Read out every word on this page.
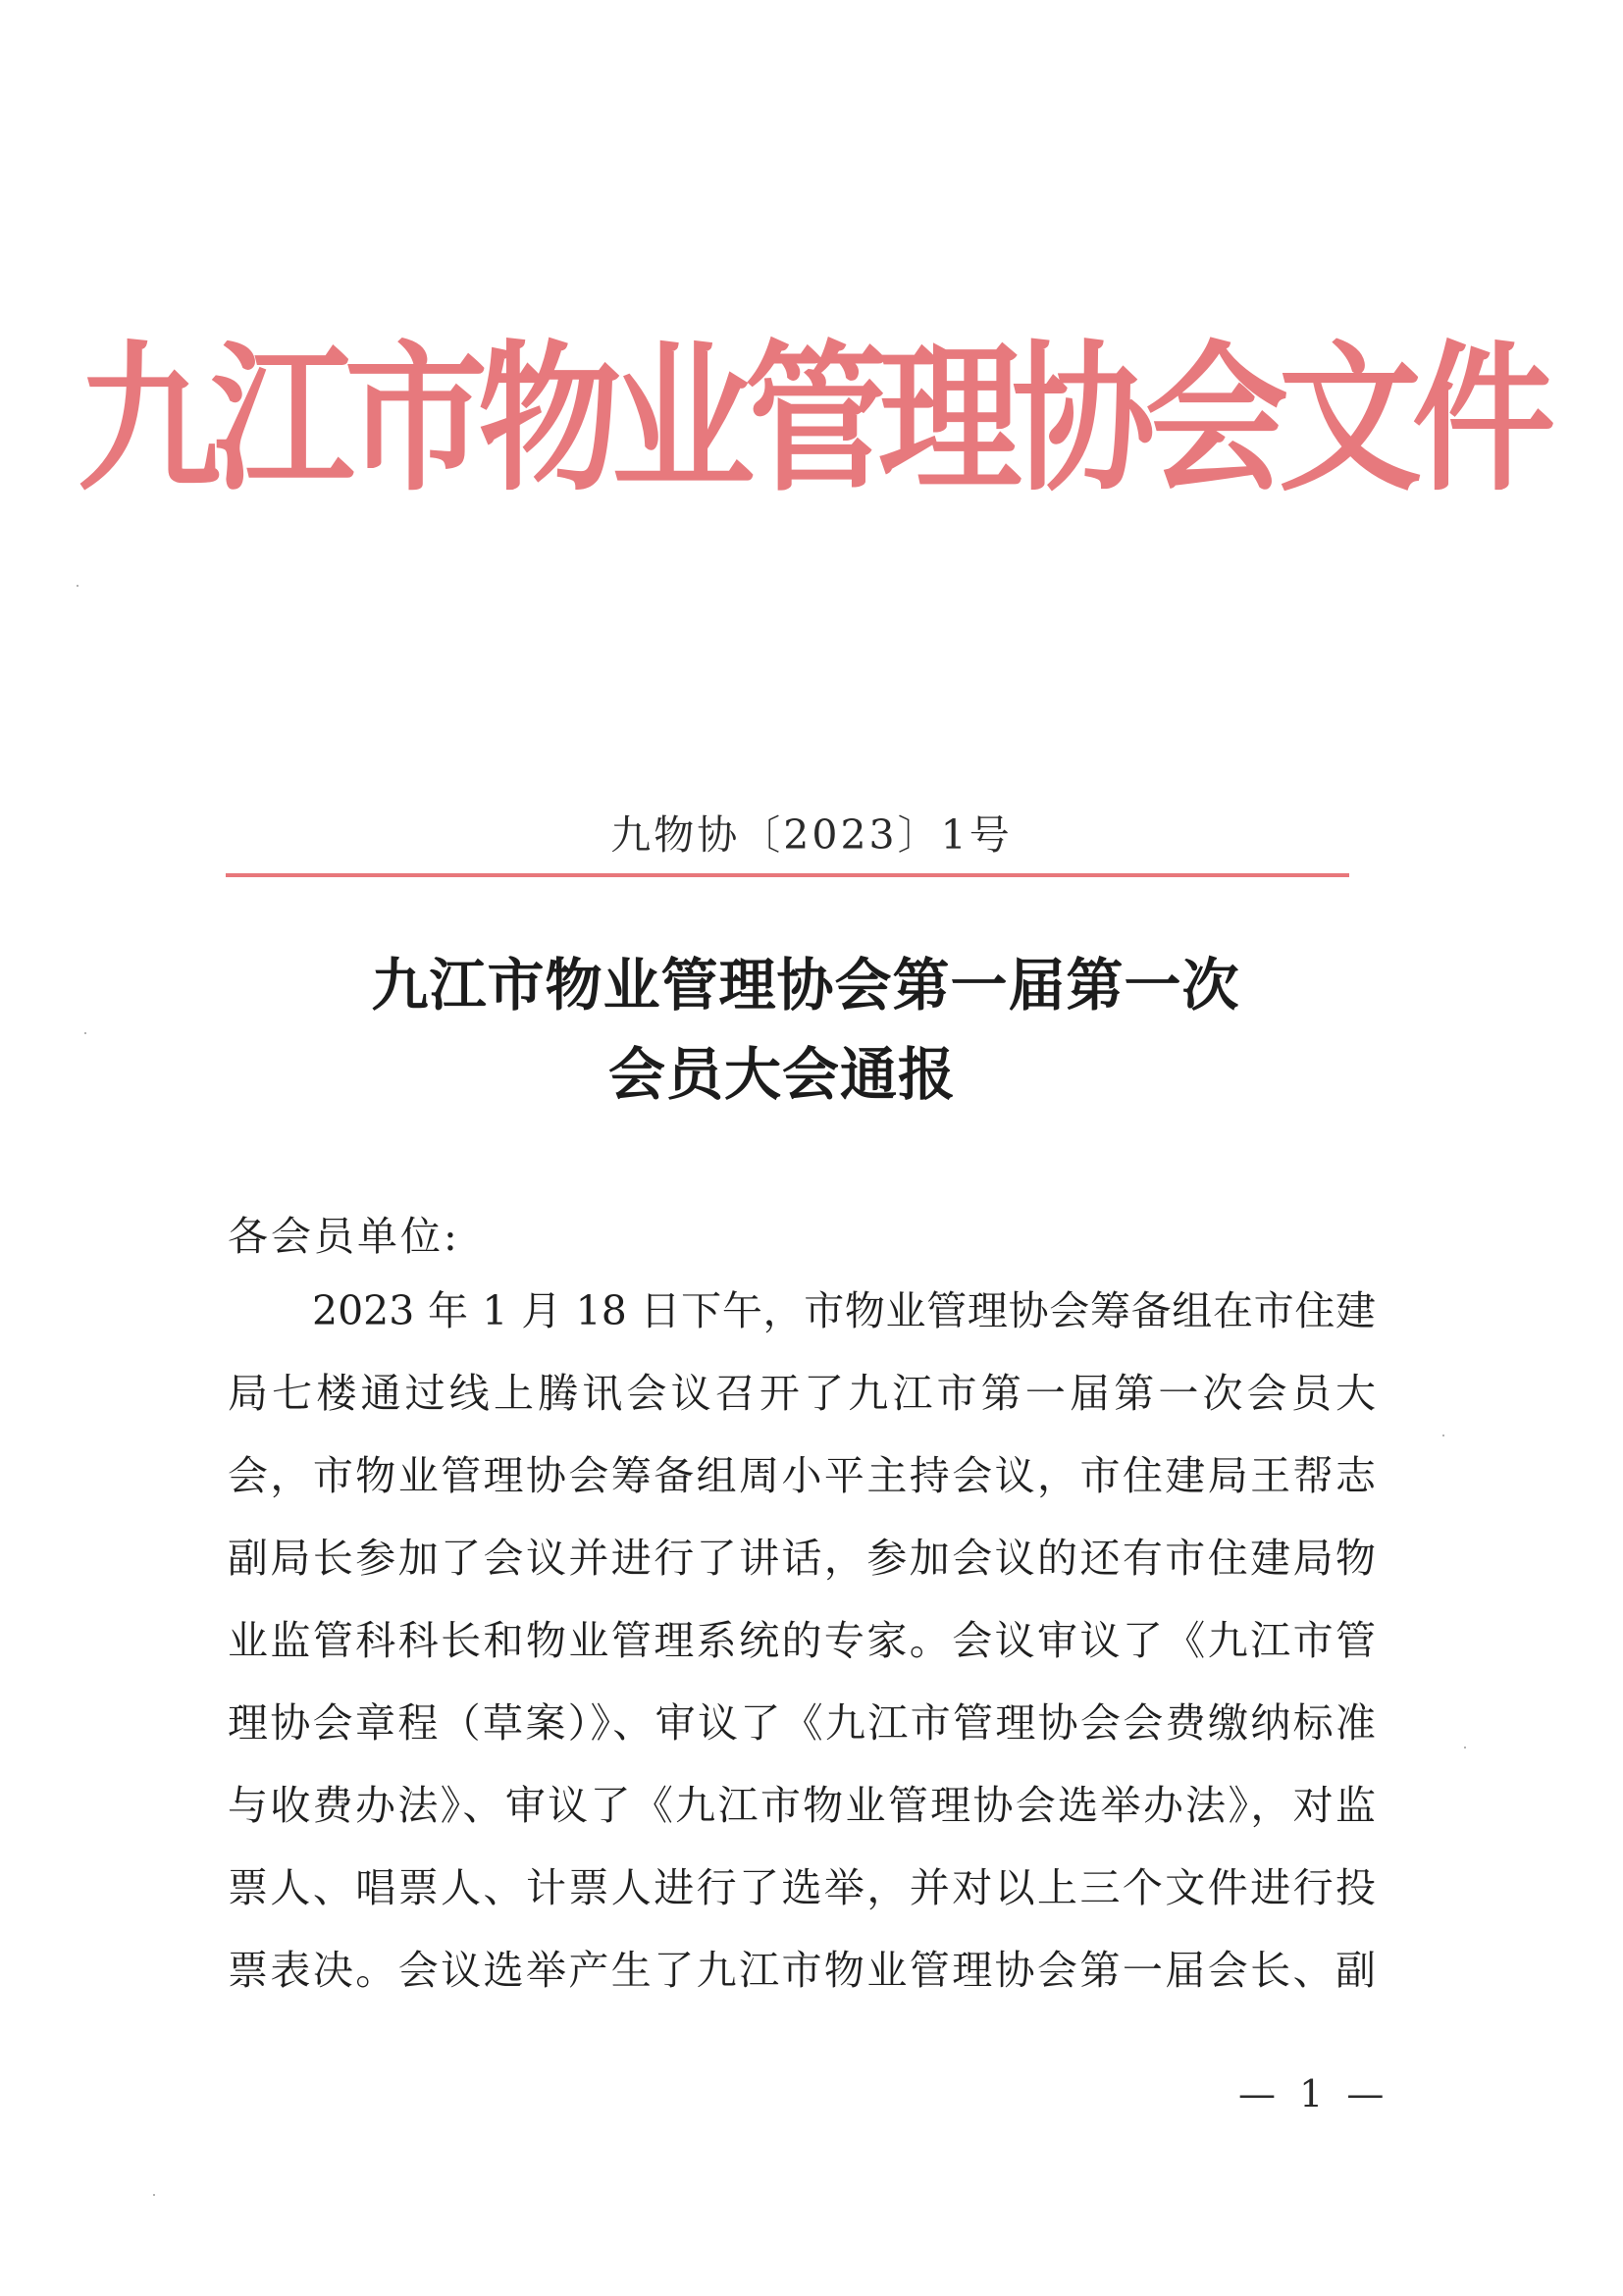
九江市物业管理协会文件
九物协〔2023〕1号
九江市物业管理协会第一届第一次
会员大会通报
各会员单位:
2023 年 1 月 18 日下午，市物业管理协会筹备组在市住建
局七楼通过线上腾讯会议召开了九江市第一届第一次会员大
会，市物业管理协会筹备组周小平主持会议，市住建局王帮志
副局长参加了会议并进行了讲话，参加会议的还有市住建局物
业监管科科长和物业管理系统的专家。会议审议了《九江市管
理协会章程（草案）》、审议了《九江市管理协会会费缴纳标准
与收费办法》、审议了《九江市物业管理协会选举办法》，对监
票人、唱票人、计票人进行了选举，并对以上三个文件进行投
票表决。会议选举产生了九江市物业管理协会第一届会长、副
— 1 —
